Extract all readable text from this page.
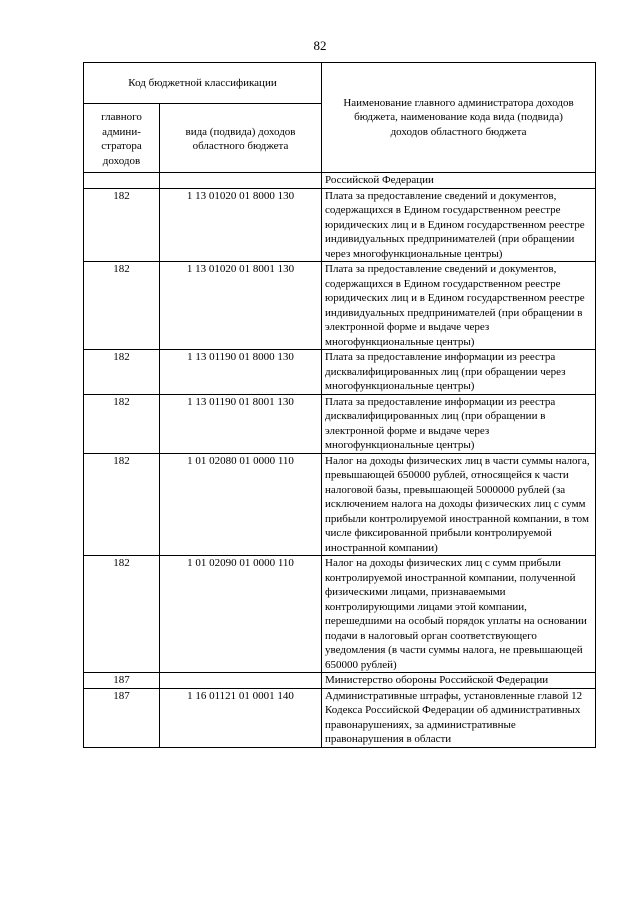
82
Код бюджетной классификации		Наименование главного администратора доходов бюджета, наименование кода вида (подвида) доходов областного бюджета
главного админи-стратора доходов	вида (подвида) доходов областного бюджета	
		Российской Федерации
182	1 13 01020 01 8000 130	Плата за предоставление сведений и документов, содержащихся в Едином государственном реестре юридических лиц и в Едином государственном реестре индивидуальных предпринимателей (при обращении через многофункциональные центры)
182	1 13 01020 01 8001 130	Плата за предоставление сведений и документов, содержащихся в Едином государственном реестре юридических лиц и в Едином государственном реестре индивидуальных предпринимателей (при обращении в электронной форме и выдаче через многофункциональные центры)
182	1 13 01190 01 8000 130	Плата за предоставление информации из реестра дисквалифицированных лиц (при обращении через многофункциональные центры)
182	1 13 01190 01 8001 130	Плата за предоставление информации из реестра дисквалифицированных лиц (при обращении в электронной форме и выдаче через многофункциональные центры)
182	1 01 02080 01 0000 110	Налог на доходы физических лиц в части суммы налога, превышающей 650000 рублей, относящейся к части налоговой базы, превышающей 5000000 рублей (за исключением налога на доходы физических лиц с сумм прибыли контролируемой иностранной компании, в том числе фиксированной прибыли контролируемой иностранной компании)
182	1 01 02090 01 0000 110	Налог на доходы физических лиц с сумм прибыли контролируемой иностранной компании, полученной физическими лицами, признаваемыми контролирующими лицами этой компании, перешедшими на особый порядок уплаты на основании подачи в налоговый орган соответствующего уведомления (в части суммы налога, не превышающей 650000 рублей)
187		Министерство обороны Российской Федерации
187	1 16 01121 01 0001 140	Административные штрафы, установленные главой 12 Кодекса Российской Федерации об административных правонарушениях, за административные правонарушения в области
